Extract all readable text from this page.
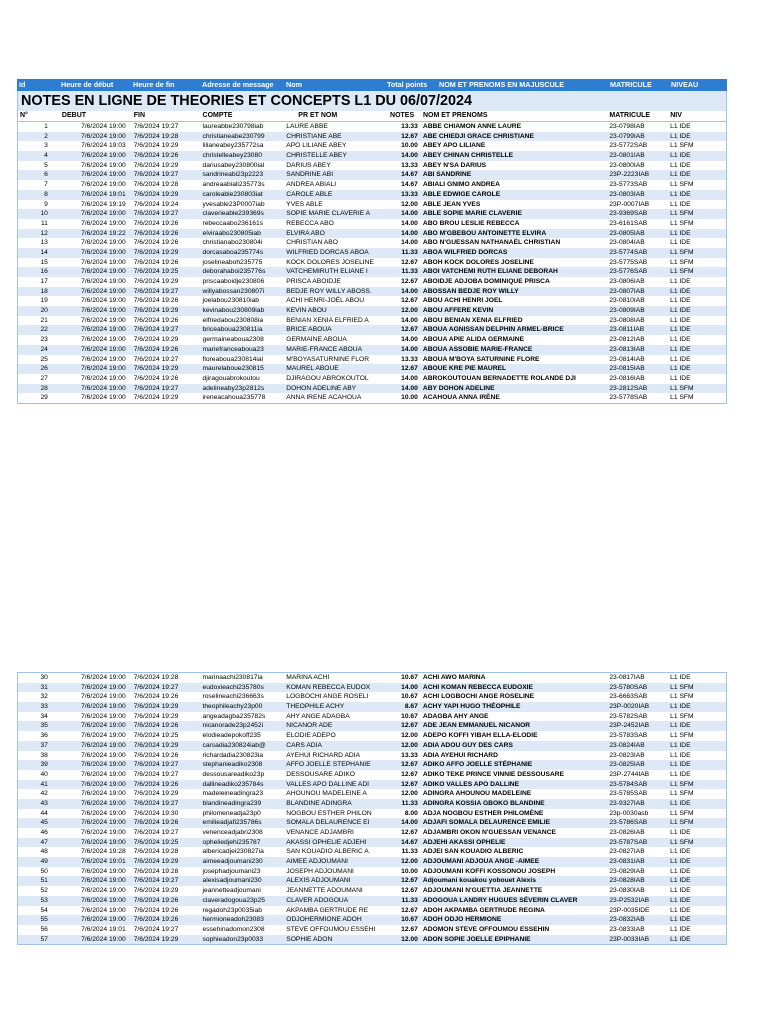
Id	Heure de début	Heure de fin	Adresse de message	Nom	Total points	NOM ET PRENOMS EN MAJUSCULE	MATRICULE	NIVEAU
NOTES EN LIGNE DE THEORIES ET CONCEPTS L1 DU 06/07/2024
N°	DEBUT	FIN	COMPTE	PR ET NOM	NOTES	NOM ET PRENOMS	MATRICULE	NIV
1	7/6/2024 19:00	7/6/2024 19:27	laureabbe230798iab	LAURE ABBE	13.33 ABBE CHIAMON ANNE LAURE	23-0798IAB	L1 IDE
2	7/6/2024 19:00	7/6/2024 19:28	christianeabe230799	CHRISTIANE ABE	12.67 ABE CHIEDJI GRACE CHRISTIANE	23-0799IAB	L1 IDE
3	7/6/2024 19:03	7/6/2024 19:29	lilianeabey235772sa	APO LILIANE ABEY	10.00 ABEY APO LILIANE	23-5772SAB	L1 SFM
4	7/6/2024 19:00	7/6/2024 19:26	christelleabey23080	CHRISTELLE ABEY	14.00 ABEY CHINAN CHRISTELLE	23-0801IAB	L1 IDE
5	7/6/2024 19:00	7/6/2024 19:29	dariusabey230800ial	DARIUS ABEY	13.33 ABEY N'SA DARIUS	23-0800IAB	L1 IDE
6	7/6/2024 19:00	7/6/2024 19:27	sandrineabi23p2223	SANDRINE ABI	14.67 ABI SANDRINE	23P-2223IAB	L1 IDE
7	7/6/2024 19:00	7/6/2024 19:28	andreaabiali235773s	ANDREA ABIALI	14.67 ABIALI GNIMO ANDREA	23-5773SAB	L1 SFM
8	7/6/2024 19:01	7/6/2024 19:29	caroleable230803iat	CAROLE ABLE	13.33 ABLE EDWIGE CAROLE	23-0803IAB	L1 IDE
9	7/6/2024 19:19	7/6/2024 19:24	yvesable23P0007iab	YVES ABLE	12.00 ABLE JEAN YVES	23P-0007IAB	L1 IDE
10	7/6/2024 19:00	7/6/2024 19:27	claverieable239369s	SOPIE MARIE CLAVERIE A	14.00 ABLE SOPIE MARIE CLAVERIE	23-9369SAB	L1 SFM
11	7/6/2024 19:00	7/6/2024 19:26	rebeccaabo236161s	REBECCA ABO	14.00 ABO BROU LESLIE REBECCA	23-6161SAB	L1 SFM
12	7/6/2024 19:22	7/6/2024 19:26	elviraabo230805iab	ELVIRA ABO	14.00 ABO M'GBEBOU ANTOINETTE ELVIRA	23-0805IAB	L1 IDE
13	7/6/2024 19:00	7/6/2024 19:26	christianabo230804i	CHRISTIAN ABO	14.00 ABO N'GUESSAN NATHANAËL CHRISTIAN	23-0804IAB	L1 IDE
14	7/6/2024 19:00	7/6/2024 19:29	dorcasaboa235774s	WILFRIED DORCAS ABOA	11.33 ABOA WILFRIED DORCAS	23-5774SAB	L1 SFM
15	7/6/2024 19:00	7/6/2024 19:26	joselineaboh235775	KOCK DOLORES JOSELINE	12.67 ABOH KOCK DOLORES JOSELINE	23-5775SAB	L1 SFM
16	7/6/2024 19:00	7/6/2024 19:25	deborahaboi235776s	VATCHEMIRUTH ELIANE I	11.33 ABOI VATCHEMI RUTH ELIANE DEBORAH	23-5776SAB	L1 SFM
17	7/6/2024 19:00	7/6/2024 19:29	priscaaboidje230806	PRISCA ABOIDJE	12.67 ABOIDJE ADJOBA DOMINIQUE PRISCA	23-0806IAB	L1 IDE
18	7/6/2024 19:00	7/6/2024 19:27	willyabossan230807i	BEDJE ROY WILLY ABOSS.	14.00 ABOSSAN BEDJE ROY WILLY	23-0807IAB	L1 IDE
19	7/6/2024 19:00	7/6/2024 19:26	joelabou230810iab	ACHI HENRI-JOËL ABOU	12.67 ABOU ACHI HENRI JOEL	23-0810IAB	L1 IDE
20	7/6/2024 19:00	7/6/2024 19:29	kevinabou230809iab	KEVIN ABOU	12.00 ABOU AFFERE KEVIN	23-0809IAB	L1 IDE
21	7/6/2024 19:00	7/6/2024 19:26	elfriedabou230808ia	BENIAN XENIA ELFRIED A	14.00 ABOU BENIAN XENIA ELFRIED	23-0808IAB	L1 IDE
22	7/6/2024 19:00	7/6/2024 19:27	briceaboua230811ia	BRICE ABOUA	12.67 ABOUA AGNISSAN DELPHIN ARMEL-BRICE	23-0811IAB	L1 IDE
23	7/6/2024 19:00	7/6/2024 19:29	germaineaboua2308	GERMAINE ABOUA	14.00 ABOUA APIE ALIDA GERMAINE	23-0812IAB	L1 IDE
24	7/6/2024 19:00	7/6/2024 19:26	mariefranceaboua23	MARIE-FRANCE ABOUA	14.00 ABOUA ASSOBIE MARIE-FRANCE	23-0813IAB	L1 IDE
25	7/6/2024 19:00	7/6/2024 19:27	floreaboua230814ial	M'BOYASATURNINE FLOR	13.33 ABOUA M'BOYA SATURNINE FLORE	23-0814IAB	L1 IDE
26	7/6/2024 19:00	7/6/2024 19:29	maurelaboue230815	MAUREL ABOUE	12.67 ABOUE KRE PIE MAUREL	23-0815IAB	L1 IDE
27	7/6/2024 19:00	7/6/2024 19:26	djiragouabrokoutou	DJIRAGOU ABROKOUTOL	14.00 ABROKOUTOUAN BERNADETTE ROLANDE DJI	23-0816IAB	L1 IDE
28	7/6/2024 19:00	7/6/2024 19:27	adelineaby23p2812s	DOHON ADELINE ABY	14.00 ABY DOHON ADELINE	23-2812SAB	L1 SFM
29	7/6/2024 19:00	7/6/2024 19:29	ireneacahoua235778	ANNA IRENE ACAHOUA	10.00 ACAHOUA ANNA IRÈNE	23-5778SAB	L1 SFM
30	7/6/2024 19:00	7/6/2024 19:28	marinaachi230817ia	MARINA ACHI	10.67 ACHI AWO MARINA	23-0817IAB	L1 IDE
31	7/6/2024 19:00	7/6/2024 19:27	eudoxieachi235780s	KOMAN REBECCA EUDOX	14.00 ACHI KOMAN REBECCA EUDOXIE	23-5780SAB	L1 SFM
32	7/6/2024 19:00	7/6/2024 19:26	roselineachi236663s	LOGBOCHI ANGE ROSELI	10.67 ACHI LOGBOCHI ANGE ROSELINE	23-6663SAB	L1 SFM
33	7/6/2024 19:00	7/6/2024 19:29	theophileachy23p00	THEOPHILE ACHY	8.67 ACHY YAPI HUGO THÉOPHILE	23P-0020IAB	L1 IDE
34	7/6/2024 19:00	7/6/2024 19:29	angeadagba235782s	AHY ANGE ADAGBA	10.67 ADAGBA AHY ANGE	23-5782SAB	L1 SFM
35	7/6/2024 19:00	7/6/2024 19:26	nicanorade23p2452i	NICANOR ADE	12.67 ADE JEAN EMMANUEL NICANOR	23P-2452IAB	L1 IDE
36	7/6/2024 19:00	7/6/2024 19:25	elodieadepokoff235	ELODIE ADEPO	12.00 ADEPO KOFFI YIBAH ELLA-ELODIE	23-5783SAB	L1 SFM
37	7/6/2024 19:00	7/6/2024 19:29	carsadia230824iab@	CARS ADIA	12.00 ADIA ADOU GUY DES CARS	23-0824IAB	L1 IDE
38	7/6/2024 19:00	7/6/2024 19:26	richardadia230823ia	AYEHUI RICHARD ADIA	13.33 ADIA AYEHUI RICHARD	23-0823IAB	L1 IDE
39	7/6/2024 19:00	7/6/2024 19:27	stephanieadiko2308	AFFO JOELLE STEPHANIE	12.67 ADIKO AFFO JOELLE STÉPHANIE	23-0825IAB	L1 IDE
40	7/6/2024 19:00	7/6/2024 19:27	dessousareadiko23p	DESSOUSARE ADIKO	12.67 ADIKO TEKE PRINCE VINNIE DESSOUSARE	23P-2744IAB	L1 IDE
41	7/6/2024 19:00	7/6/2024 19:26	dallineadiko235784s	VALLES APO DALLINE ADI	12.67 ADIKO VALLES APO DALLINE	23-5784SAB	L1 SFM
42	7/6/2024 19:00	7/6/2024 19:29	madeleineadingra23	AHOUNOU MADELEINE A	12.00 ADINGRA AHOUNOU MADELEINE	23-5785SAB	L1 SFM
43	7/6/2024 19:00	7/6/2024 19:27	blandineadingra239	BLANDINE ADINGRA	11.33 ADINGRA KOSSIA GBOKO BLANDINE	23-9327IAB	L1 IDE
44	7/6/2024 19:00	7/6/2024 19:30	philomeneadja23p0	NOGBOU ESTHER PHILON	8.00 ADJA NOGBOU ESTHER PHILOMÈNE	23p-0030asb	L1 SFM
45	7/6/2024 19:00	7/6/2024 19:26	emilieadjafi235786s	SOMALA DELAURENCE EI	14.00 ADJAFI SOMALA DELAURENCE EMILIE	23-5786SAB	L1 SFM
46	7/6/2024 19:00	7/6/2024 19:27	venenceadjabri2308	VENANCE ADJAMBRI	12.67 ADJAMBRI OKON N'GUESSAN VENANCE	23-0826IAB	L1 IDE
47	7/6/2024 19:00	7/6/2024 19:25	opheliedjehi235787	AKASSI OPHELIE ADJEHI	14.67 ADJEHI AKASSI OPHELIE	23-5787SAB	L1 SFM
48	7/6/2024 19:28	7/6/2024 19:28	albericadjei230827ia	SAN KOUADIO ALBERIC A	11.33 ADJEI SAN KOUADIO ALBERIC	23-0827IAB	L1 IDE
49	7/6/2024 19:01	7/6/2024 19:29	aimeeadjoumani230	AIMEE ADJOUMANI	12.00 ADJOUMANI ADJOUA ANGE -AIMEE	23-0831IAB	L1 IDE
50	7/6/2024 19:00	7/6/2024 19:28	josephadjoumani23	JOSEPH ADJOUMANI	10.00 ADJOUMANI KOFFI KOSSONOU JOSEPH	23-0829IAB	L1 IDE
51	7/6/2024 19:00	7/6/2024 19:27	alexisadjoumani230	ALEXIS ADJOUMANI	12.67 Adjoumani kouakou yobouet Alexis	23-0828IAB	L1 IDE
52	7/6/2024 19:00	7/6/2024 19:29	jeannetteadjoumani	JEANNETTE ADOUMANI	12.67 ADJOUMANI N'GUETTIA JEANNETTE	23-0830IAB	L1 IDE
53	7/6/2024 19:00	7/6/2024 19:26	claveradogoua23p25	CLAVER ADOGOUA	11.33 ADOGOUA LANDRY HUGUES SÉVERIN CLAVER	23-P2532IAB	L1 IDE
54	7/6/2024 19:00	7/6/2024 19:26	regadoh23p0035iab	AKPAMBA GERTRUDE RE	12.67 ADOH AKPAMBA GERTRUDE REGINA	23P-0035IDE	L1 IDE
55	7/6/2024 19:00	7/6/2024 19:26	hermioneadoh23083	ODJOHERMIONE ADOH	10.67 ADOH ODJO HERMIONE	23-0832IAB	L1 IDE
56	7/6/2024 19:01	7/6/2024 19:27	essehinadomon2308	STEVE OFFOUMOU ESSEHI	12.67 ADOMON STEVE OFFOUMOU ESSEHIN	23-0833IAB	L1 IDE
57	7/6/2024 19:00	7/6/2024 19:29	sophieadon23p0033	SOPHIE ADON	12.00 ADON SOPIE JOELLE EPIPHANIE	23P-0033IAB	L1 IDE
